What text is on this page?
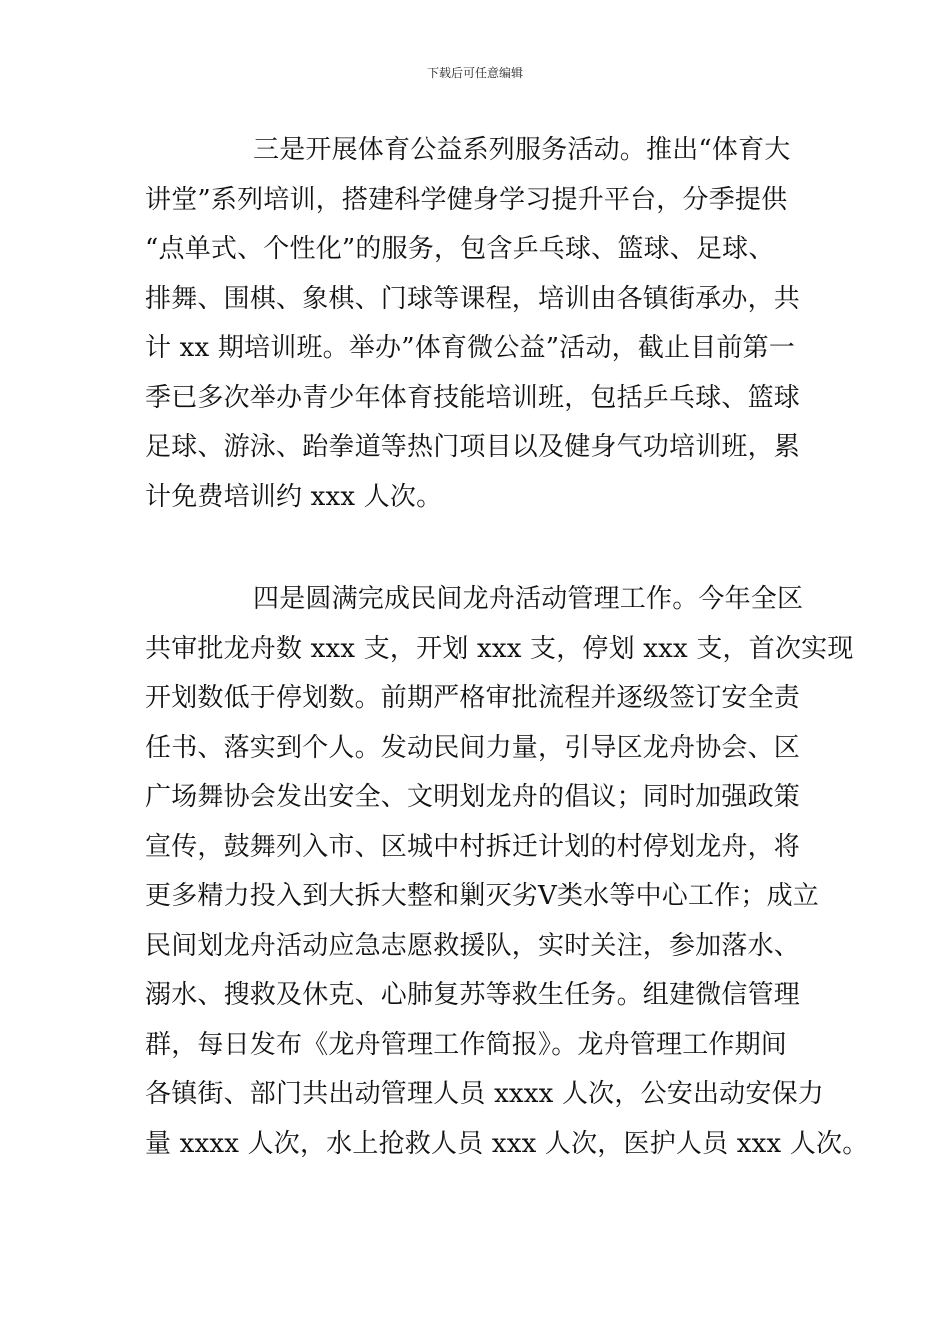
下载后可任意编辑
三是开展体育公益系列服务活动。推出“体育大
讲堂”系列培训，搭建科学健身学习提升平台，分季提供
“点单式、个性化”的服务，包含乒乓球、篮球、足球、
排舞、围棋、象棋、门球等课程，培训由各镇街承办，共
计 xx 期培训班。举办”体育微公益”活动，截止目前第一
季已多次举办青少年体育技能培训班，包括乒乓球、篮球
足球、游泳、跆拳道等热门项目以及健身气功培训班，累
计免费培训约 xxx 人次。
四是圆满完成民间龙舟活动管理工作。今年全区
共审批龙舟数 xxx 支，开划 xxx 支，停划 xxx 支，首次实现
开划数低于停划数。前期严格审批流程并逐级签订安全责
任书、落实到个人。发动民间力量，引导区龙舟协会、区
广场舞协会发出安全、文明划龙舟的倡议；同时加强政策
宣传，鼓舞列入市、区城中村拆迁计划的村停划龙舟，将
更多精力投入到大拆大整和剿灭劣Ⅴ类水等中心工作；成立
民间划龙舟活动应急志愿救援队，实时关注，参加落水、
溺水、搜救及休克、心肺复苏等救生任务。组建微信管理
群，每日发布《龙舟管理工作简报》。龙舟管理工作期间
各镇街、部门共出动管理人员 xxxx 人次，公安出动安保力
量 xxxx 人次，水上抢救人员 xxx 人次，医护人员 xxx 人次。
